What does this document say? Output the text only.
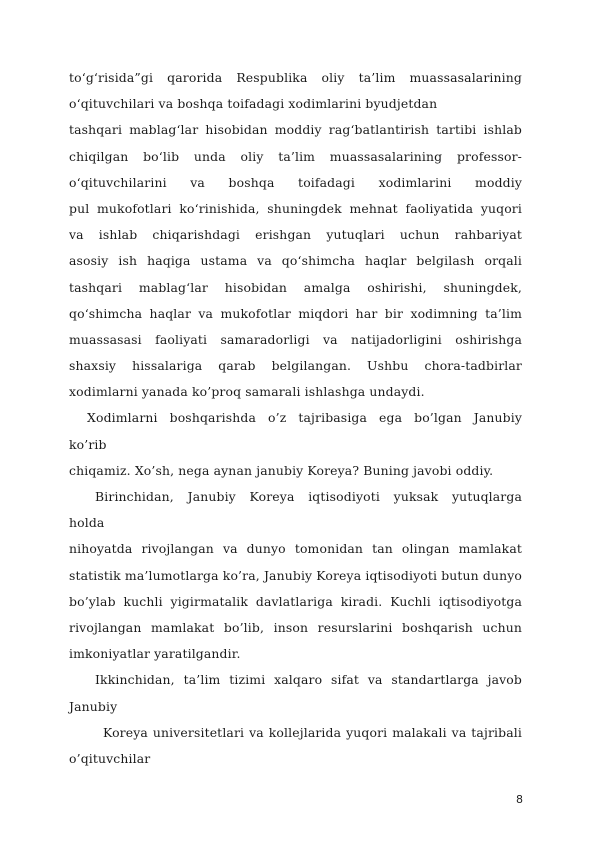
to‘g‘risida”gi qarorida Respublika oliy ta’lim muassasalarining
o‘qituvchilari va boshqa toifadagi xodimlarini byudjetdan
tashqari mablag‘lar hisobidan moddiy rag‘batlantirish tartibi ishlab
chiqilgan bo‘lib unda oliy ta’lim muassasalarining professor-
o‘qituvchilarini va boshqa toifadagi xodimlarini moddiy
pul mukofotlari ko‘rinishida, shuningdek mehnat faoliyatida yuqori
va ishlab chiqarishdagi erishgan yutuqlari uchun rahbariyat
asosiy ish haqiga ustama va qo‘shimcha haqlar belgilash orqali
tashqari mablag‘lar hisobidan amalga oshirishi, shuningdek,
qo‘shimcha haqlar va mukofotlar miqdori har bir xodimning ta’lim
muassasasi faoliyati samaradorligi va natijadorligini oshirishga
shaxsiy hissalariga qarab belgilangan. Ushbu chora-tadbirlar
xodimlarni yanada ko’proq samarali ishlashga undaydi.
Xodimlarni boshqarishda o’z tajribasiga ega bo’lgan Janubiy
ko’rib
chiqamiz. Xo’sh, nega aynan janubiy Koreya? Buning javobi oddiy.
Birinchidan, Janubiy Koreya iqtisodiyoti yuksak yutuqlarga
holda
nihoyatda rivojlangan va dunyo tomonidan tan olingan mamlakat
statistik ma’lumotlarga ko’ra, Janubiy Koreya iqtisodiyoti butun dunyo
bo’ylab kuchli yigirmatalik davlatlariga kiradi. Kuchli iqtisodiyotga
rivojlangan mamlakat bo’lib, inson resurslarini boshqarish uchun
imkoniyatlar yaratilgandir.
Ikkinchidan, ta’lim tizimi xalqaro sifat va standartlarga javob
Janubiy
Koreya universitetlari va kollejlarida yuqori malakali va tajribali
o’qituvchilar
8
